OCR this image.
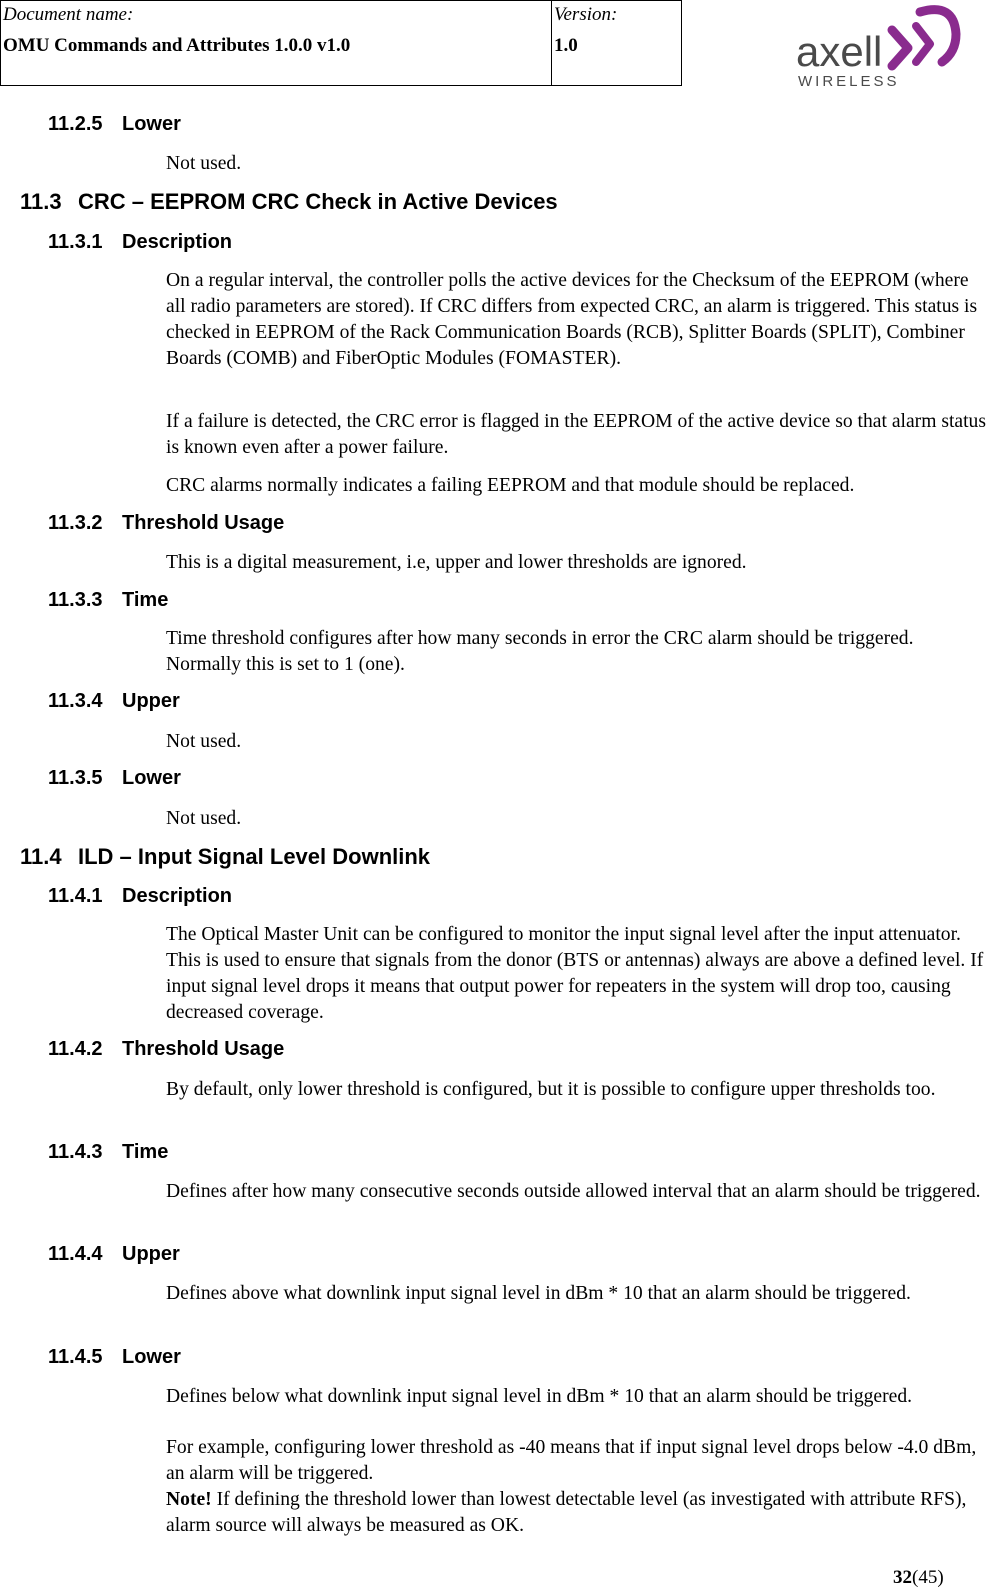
Document name:
OMU Commands and Attributes 1.0.0 v1.0
Version:
1.0	axell
WIRELESS
11.2.5 Lower

Not used.

11.3 CRC – EEPROM CRC Check in Active Devices
11.3.1 Description

On a regular interval, the controller polls the active devices for the Checksum of the EEPROM (where all radio parameters are stored). If CRC differs from expected CRC, an alarm is triggered. This status is checked in EEPROM of the Rack Communication Boards (RCB), Splitter Boards (SPLIT), Combiner Boards (COMB) and FiberOptic Modules (FOMASTER).

If a failure is detected, the CRC error is flagged in the EEPROM of the active device so that alarm status is known even after a power failure.

CRC alarms normally indicates a failing EEPROM and that module should be replaced.

11.3.2 Threshold Usage

This is a digital measurement, i.e, upper and lower thresholds are ignored.

11.3.3 Time

Time threshold configures after how many seconds in error the CRC alarm should be triggered. Normally this is set to 1 (one).

11.3.4 Upper

Not used.

11.3.5 Lower

Not used.

11.4 ILD – Input Signal Level Downlink
11.4.1 Description

The Optical Master Unit can be configured to monitor the input signal level after the input attenuator. This is used to ensure that signals from the donor (BTS or antennas) always are above a defined level. If input signal level drops it means that output power for repeaters in the system will drop too, causing decreased coverage.

11.4.2 Threshold Usage

By default, only lower threshold is configured, but it is possible to configure upper thresholds too.

11.4.3 Time

Defines after how many consecutive seconds outside allowed interval that an alarm should be triggered.

11.4.4 Upper

Defines above what downlink input signal level in dBm * 10 that an alarm should be triggered.

11.4.5 Lower

Defines below what downlink input signal level in dBm * 10 that an alarm should be triggered.

For example, configuring lower threshold as -40 means that if input signal level drops below -4.0 dBm, an alarm will be triggered.

Note! If defining the threshold lower than lowest detectable level (as investigated with attribute RFS), alarm source will always be measured as OK.

32(45)
